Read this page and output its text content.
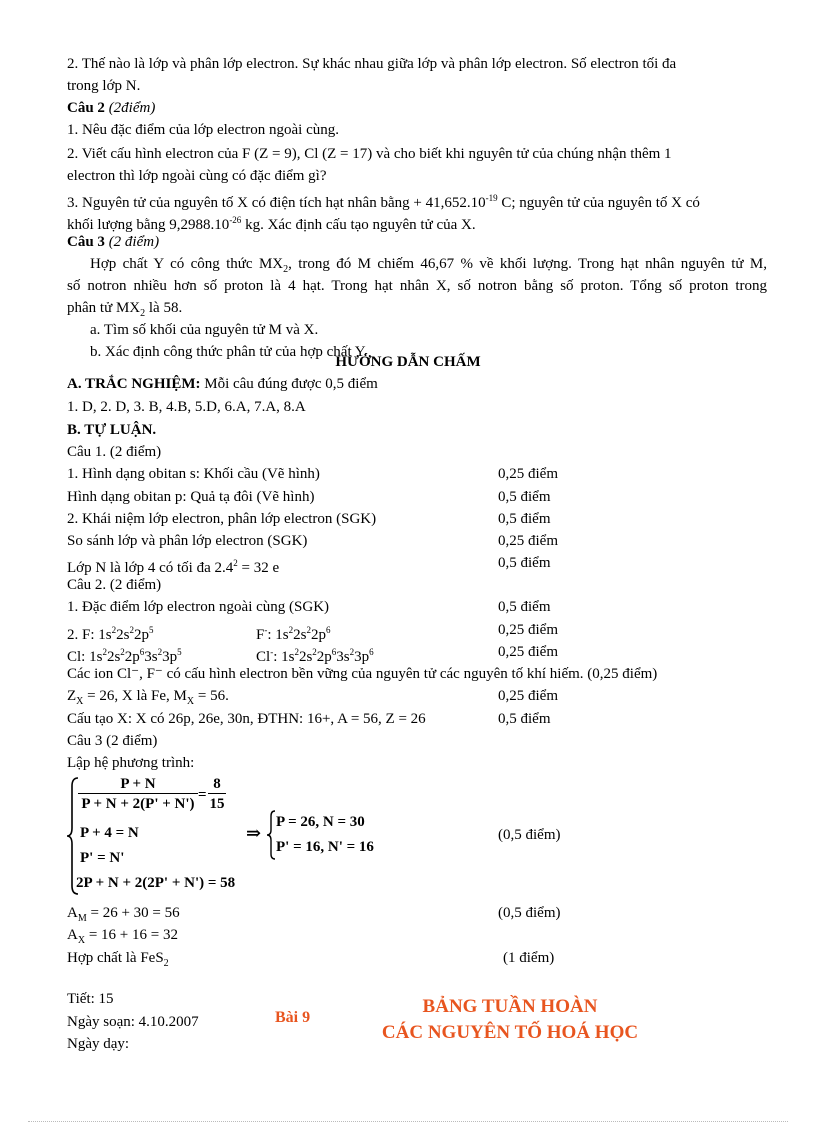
2. Thế nào là lớp và phân lớp electron. Sự khác nhau giữa lớp và phân lớp electron. Số electron tối đa
trong lớp N.
Câu 2 (2điểm)
1. Nêu đặc điểm của lớp electron ngoài cùng.
2. Viết cấu hình electron của F (Z = 9), Cl (Z = 17) và cho biết khi nguyên tử của chúng nhận thêm 1
electron thì lớp ngoài cùng có đặc điểm gì?
3. Nguyên tử của nguyên tố X có điện tích hạt nhân bằng + $41,652.10^{-19}$ C; nguyên tử của nguyên tố X có
khối lượng bằng $9,2988.10^{-26}$ kg. Xác định cấu tạo nguyên tử của X.
Câu 3 (2 điểm)
Hợp chất Y có công thức $MX_2$, trong đó M chiếm 46,67 % về khối lượng. Trong hạt nhân nguyên tử M,
số notron nhiều hơn số proton là 4 hạt. Trong hạt nhân X, số notron bằng số proton. Tổng số proton trong
phân tử $MX_2$ là 58.
a. Tìm số khối của nguyên tử M và X.
b. Xác định công thức phân tử của hợp chất Y.
HƯỚNG DẪN CHẤM
A. TRẮC NGHIỆM: Mỗi câu đúng được 0,5 điểm
1. D, 2. D, 3. B, 4.B, 5.D, 6.A, 7.A, 8.A
B. TỰ LUẬN.
Câu 1. (2 điểm)
1. Hình dạng obitan s: Khối cầu (Vẽ hình)	0,25 điểm
Hình dạng obitan p: Quả tạ đôi (Vẽ hình)	0,5 điểm
2. Khái niệm lớp electron, phân lớp electron (SGK)	0,5 điểm
So sánh lớp và phân lớp electron (SGK)	0,25 điểm
Lớp N là lớp 4 có tối đa $2.4^2 = 32$ e	0,5 điểm
Câu 2. (2 điểm)
1. Đặc điểm lớp electron ngoài cùng (SGK)	0,5 điểm
2. F: $1s^22s^22p^5$	F-: $1s^22s^22p^6$	0,25 điểm
Cl: $1s^22s^22p^63s^23p^5$	Cl-: $1s^22s^22p^63s^23p^6$	0,25 điểm
Các ion Cl⁻, F⁻ có cấu hình electron bền vững của nguyên tử các nguyên tố khí hiếm. (0,25 điểm)
$Z_X = 26$, X là Fe, $M_X = 56$.	0,25 điểm
Cấu tạo X: X có 26p, 26e, 30n, ĐTHN: 16+, A = 56, Z = 26	0,5 điểm
Câu 3 (2 điểm)
Lập hệ phương trình:
$\frac{P + N}{P + N + 2(P' + N')} = \frac{8}{15}$
P + 4 = N
P' = N'
2P + N + 2(2P' + N') = 58
⇒
P = 26, N = 30
P' = 16, N' = 16
(0,5 điểm)
$A_M = 26 + 30 = 56$	(0,5 điểm)
$A_X = 16 + 16 = 32$
Hợp chất là FeS$_2$	(1 điểm)
Tiết: 15
Ngày soạn: 4.10.2007
Ngày dạy:
Bài 9
BẢNG TUẦN HOÀN
CÁC NGUYÊN TỐ HOÁ HỌC
